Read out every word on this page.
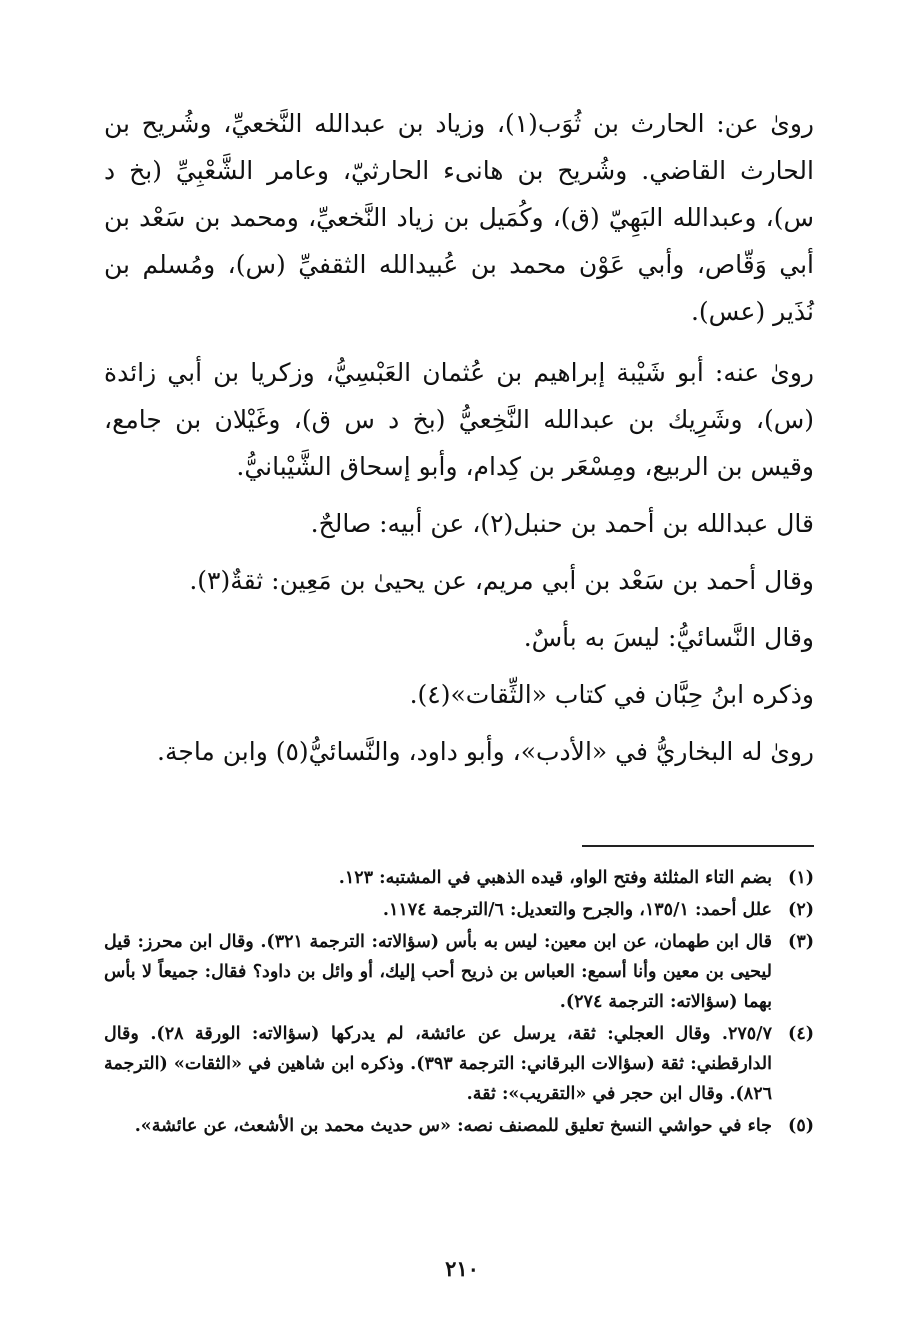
رویٰ عن: الحارث بن ثُوَب(١)، وزياد بن عبدالله النَّخعيِّ، وشُريح بن الحارث القاضي. وشُريح بن هانىء الحارثيّ، وعامر الشَّعْبِيِّ (بخ د س)، وعبدالله البَهِيّ (ق)، وكُمَيل بن زياد النَّخعيِّ، ومحمد بن سَعْد بن أبي وَقّاص، وأبي عَوْن محمد بن عُبيدالله الثقفيِّ (س)، ومُسلم بن نُذَير (عس).

رویٰ عنه: أبو شَيْبة إبراهيم بن عُثمان العَبْسِيُّ، وزكريا بن أبي زائدة (س)، وشَرِيك بن عبدالله النَّخِعيُّ (بخ د س ق)، وغَيْلان بن جامع، وقيس بن الربيع، ومِسْعَر بن كِدام، وأبو إسحاق الشَّيْبانيُّ.

قال عبدالله بن أحمد بن حنبل(٢)، عن أبيه: صالحٌ.

وقال أحمد بن سَعْد بن أبي مريم، عن يحيىٰ بن مَعِين: ثقةٌ(٣).

وقال النَّسائيُّ: ليسَ به بأسٌ.

وذكره ابنُ حِبَّان في كتاب «الثِّقات»(٤).

رویٰ له البخاريُّ في «الأدب»، وأبو داود، والنَّسائيُّ(٥) وابن ماجة.

(١)
بضم التاء المثلثة وفتح الواو، قيده الذهبي في المشتبه: ١٢٣.
(٢)
علل أحمد: ١٣٥/١، والجرح والتعديل: ٦/الترجمة ١١٧٤.
(٣)
قال ابن طهمان، عن ابن معين: ليس به بأس (سؤالاته: الترجمة ٣٢١). وقال ابن محرز: قيل ليحيى بن معين وأنا أسمع: العباس بن ذريح أحب إليك، أو وائل بن داود؟ فقال: جميعاً لا بأس بهما (سؤالاته: الترجمة ٢٧٤).
(٤)
٢٧٥/٧. وقال العجلي: ثقة، يرسل عن عائشة، لم يدركها (سؤالاته: الورقة ٢٨). وقال الدارقطني: ثقة (سؤالات البرقاني: الترجمة ٣٩٣). وذكره ابن شاهين في «الثقات» (الترجمة ٨٢٦). وقال ابن حجر في «التقريب»: ثقة.
(٥)
جاء في حواشي النسخ تعليق للمصنف نصه: «س حديث محمد بن الأشعث، عن عائشة».
٢١٠
